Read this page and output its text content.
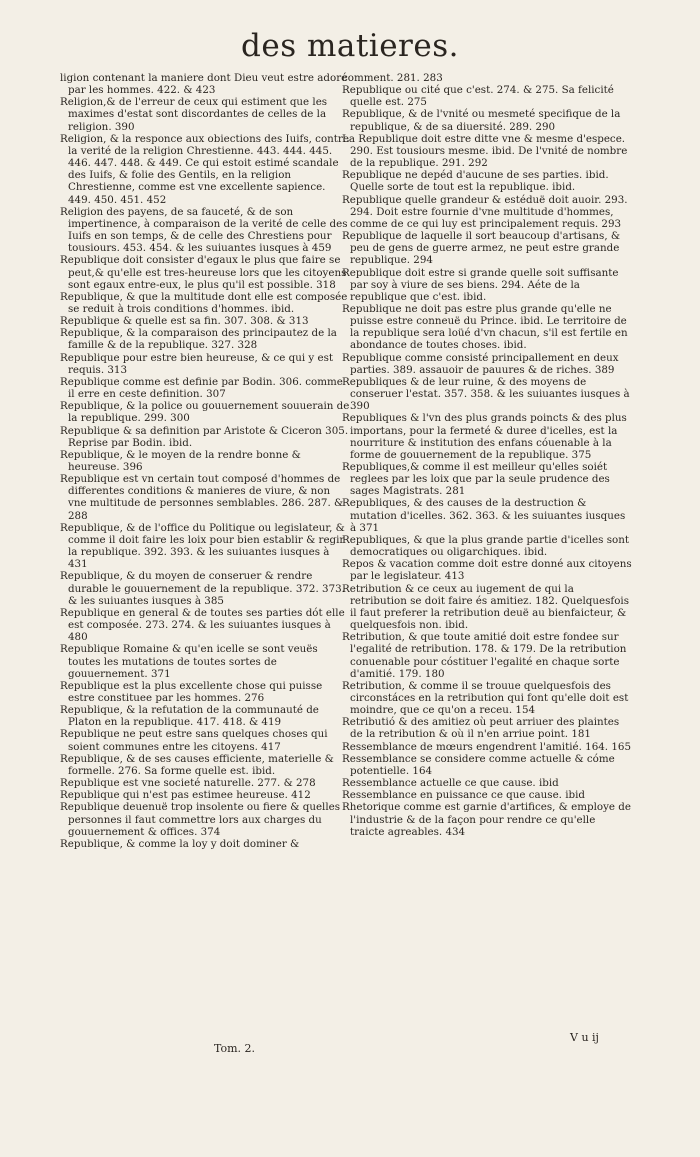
des matieres.

ligion contenant la maniere dont Dieu veut estre adoré par les hommes. 422. & 423

Religion,& de l'erreur de ceux qui estiment que les maximes d'estat sont discordantes de celles de la religion. 390

Religion, & la responce aux obiections des Iuifs, contre la verité de la religion Chrestienne. 443. 444. 445. 446. 447. 448. & 449. Ce qui estoit estimé scandale des Iuifs, & folie des Gentils, en la religion Chrestienne, comme est vne excellente sapience. 449. 450. 451. 452

Religion des payens, de sa fauceté, & de son impertinence, à comparaison de la verité de celle des Iuifs en son temps, & de celle des Chrestiens pour tousiours. 453. 454. & les suiuantes iusques à 459

Republique doit consister d'egaux le plus que faire se peut,& qu'elle est tres-heureuse lors que les citoyens sont egaux entre-eux, le plus qu'il est possible. 318

Republique, & que la multitude dont elle est composée se reduit à trois conditions d'hommes. ibid.

Republique & quelle est sa fin. 307. 308. & 313

Republique, & la comparaison des principautez de la famille & de la republique. 327. 328

Republique pour estre bien heureuse, & ce qui y est requis. 313

Republique comme est definie par Bodin. 306. comme il erre en ceste definition. 307

Republique, & la police ou gouuernement souuerain de la republique. 299. 300

Republique & sa definition par Aristote & Ciceron 305. Reprise par Bodin. ibid.

Republique, & le moyen de la rendre bonne & heureuse. 396

Republique est vn certain tout composé d'hommes de differentes conditions & manieres de viure, & non vne multitude de personnes semblables. 286. 287. & 288

Republique, & de l'office du Politique ou legislateur, & comme il doit faire les loix pour bien establir & regir la republique. 392. 393. & les suiuantes iusques à 431

Republique, & du moyen de conseruer & rendre durable le gouuernement de la republique. 372. 373. & les suiuantes iusques à 385

Republique en general & de toutes ses parties dót elle est composée. 273. 274. & les suiuantes iusques à 480

Republique Romaine & qu'en icelle se sont veuës toutes les mutations de toutes sortes de gouuernement. 371

Republique est la plus excellente chose qui puisse estre constituee par les hommes. 276

Republique, & la refutation de la communauté de Platon en la republique. 417. 418. & 419

Republique ne peut estre sans quelques choses qui soient communes entre les citoyens. 417

Republique, & de ses causes efficiente, materielle & formelle. 276. Sa forme quelle est. ibid.

Republique est vne societé naturelle. 277. & 278

Republique qui n'est pas estimee heureuse. 412

Republique deuenuë trop insolente ou fiere & quelles personnes il faut commettre lors aux charges du gouuernement & offices. 374

Republique, & comme la loy y doit dominer &

comment. 281. 283

Republique ou cité que c'est. 274. & 275. Sa felicité quelle est. 275

Republique, & de l'vnité ou mesmeté specifique de la republique, & de sa diuersité. 289. 290

La Republique doit estre ditte vne & mesme d'espece. 290. Est tousiours mesme. ibid. De l'vnité de nombre de la republique. 291. 292

Republique ne depéd d'aucune de ses parties. ibid. Quelle sorte de tout est la republique. ibid.

Republique quelle grandeur & estéduë doit auoir. 293. 294. Doit estre fournie d'vne multitude d'hommes, comme de ce qui luy est principalement requis. 293

Republique de laquelle il sort beaucoup d'artisans, & peu de gens de guerre armez, ne peut estre grande republique. 294

Republique doit estre si grande quelle soit suffisante par soy à viure de ses biens. 294. Aéte de la republique que c'est. ibid.

Republique ne doit pas estre plus grande qu'elle ne puisse estre conneuë du Prince. ibid. Le territoire de la republique sera loüé d'vn chacun, s'il est fertile en abondance de toutes choses. ibid.

Republique comme consisté principallement en deux parties. 389. assauoir de pauures & de riches. 389

Republiques & de leur ruine, & des moyens de conseruer l'estat. 357. 358. & les suiuantes iusques à 390

Republiques & l'vn des plus grands poincts & des plus importans, pour la fermeté & duree d'icelles, est la nourriture & institution des enfans cóuenable à la forme de gouuernement de la republique. 375

Republiques,& comme il est meilleur qu'elles soiét reglees par les loix que par la seule prudence des sages Magistrats. 281

Republiques, & des causes de la destruction & mutation d'icelles. 362. 363. & les suiuantes iusques à 371

Republiques, & que la plus grande partie d'icelles sont democratiques ou oligarchiques. ibid.

Repos & vacation comme doit estre donné aux citoyens par le legislateur. 413

Retribution & ce ceux au iugement de qui la retribution se doit faire és amitiez. 182. Quelquesfois il faut preferer la retribution deuë au bienfaicteur, & quelquesfois non. ibid.

Retribution, & que toute amitié doit estre fondee sur l'egalité de retribution. 178. & 179. De la retribution conuenable pour cóstituer l'egalité en chaque sorte d'amitié. 179. 180

Retribution, & comme il se trouue quelquesfois des circonstáces en la retribution qui font qu'elle doit est moindre, que ce qu'on a receu. 154

Retributió & des amitiez où peut arriuer des plaintes de la retribution & où il n'en arriue point. 181

Ressemblance de mœurs engendrent l'amitié. 164. 165

Ressemblance se considere comme actuelle & cóme potentielle. 164

Ressemblance actuelle ce que cause. ibid

Ressemblance en puissance ce que cause. ibid

Rhetorique comme est garnie d'artifices, & employe de l'industrie & de la façon pour rendre ce qu'elle traicte agreables. 434

Tom. 2.
V u ij
